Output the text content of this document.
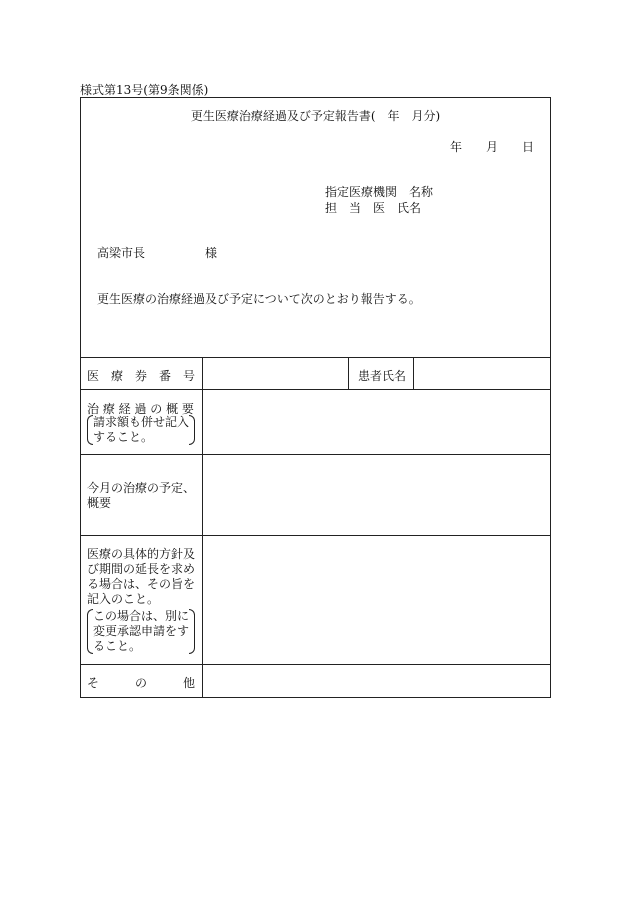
様式第13号(第9条関係)
更生医療治療経過及び予定報告書(　年　月分)
年　　月　　日
指定医療機関　名称
担　当　医　氏名
高梁市長　　　　　様
更生医療の治療経過及び予定について次のとおり報告する。
医　療　券　番　号	患者氏名
治 療 経 過 の 概 要
請求額も併せ記入
すること。
今月の治療の予定、
概要
医療の具体的方針及
び期間の延長を求め
る場合は、その旨を
記入のこと。
この場合は、別に
変更承認申請をす
ること。
そ　　　の　　　他
